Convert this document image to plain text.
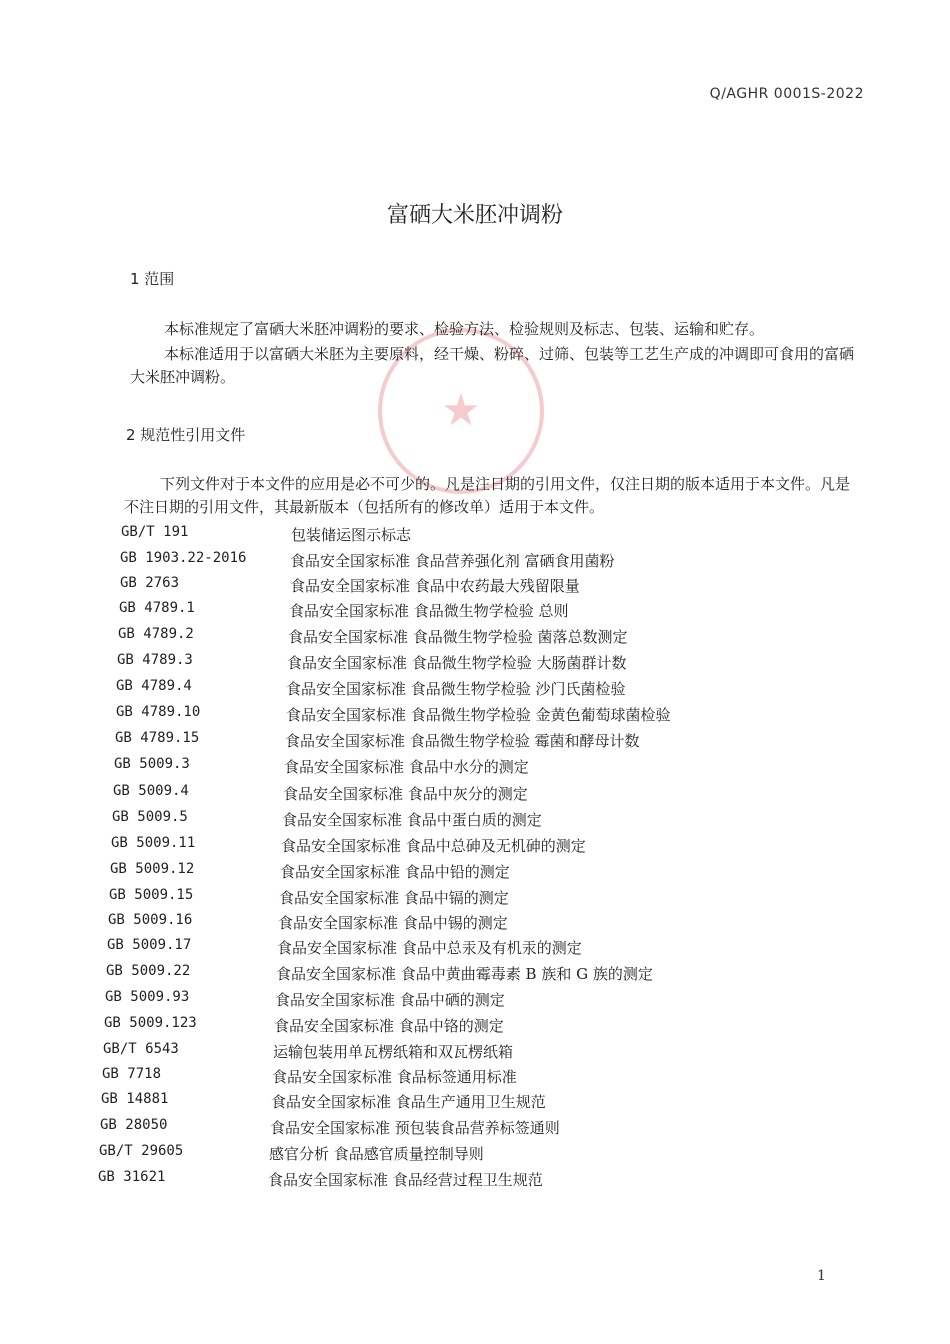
Q/AGHR 0001S-2022
★
富硒大米胚冲调粉
1 范围
本标准规定了富硒大米胚冲调粉的要求、检验方法、检验规则及标志、包装、运输和贮存。
本标准适用于以富硒大米胚为主要原料，经干燥、粉碎、过筛、包装等工艺生产成的冲调即可食用的富硒大米胚冲调粉。
2 规范性引用文件
下列文件对于本文件的应用是必不可少的。凡是注日期的引用文件，仅注日期的版本适用于本文件。凡是不注日期的引用文件，其最新版本（包括所有的修改单）适用于本文件。
GB/T 191	包装储运图示标志
GB 1903.22-2016	食品安全国家标准 食品营养强化剂 富硒食用菌粉
GB 2763	食品安全国家标准 食品中农药最大残留限量
GB 4789.1	食品安全国家标准 食品微生物学检验 总则
GB 4789.2	食品安全国家标准 食品微生物学检验 菌落总数测定
GB 4789.3	食品安全国家标准 食品微生物学检验 大肠菌群计数
GB 4789.4	食品安全国家标准 食品微生物学检验 沙门氏菌检验
GB 4789.10	食品安全国家标准 食品微生物学检验 金黄色葡萄球菌检验
GB 4789.15	食品安全国家标准 食品微生物学检验 霉菌和酵母计数
GB 5009.3	食品安全国家标准 食品中水分的测定
GB 5009.4	食品安全国家标准 食品中灰分的测定
GB 5009.5	食品安全国家标准 食品中蛋白质的测定
GB 5009.11	食品安全国家标准 食品中总砷及无机砷的测定
GB 5009.12	食品安全国家标准 食品中铅的测定
GB 5009.15	食品安全国家标准 食品中镉的测定
GB 5009.16	食品安全国家标准 食品中锡的测定
GB 5009.17	食品安全国家标准 食品中总汞及有机汞的测定
GB 5009.22	食品安全国家标准 食品中黄曲霉毒素 B 族和 G 族的测定
GB 5009.93	食品安全国家标准 食品中硒的测定
GB 5009.123	食品安全国家标准 食品中铬的测定
GB/T 6543	运输包装用单瓦楞纸箱和双瓦楞纸箱
GB 7718	食品安全国家标准 食品标签通用标准
GB 14881	食品安全国家标准 食品生产通用卫生规范
GB 28050	食品安全国家标准 预包装食品营养标签通则
GB/T 29605	感官分析 食品感官质量控制导则
GB 31621	食品安全国家标准 食品经营过程卫生规范
1
